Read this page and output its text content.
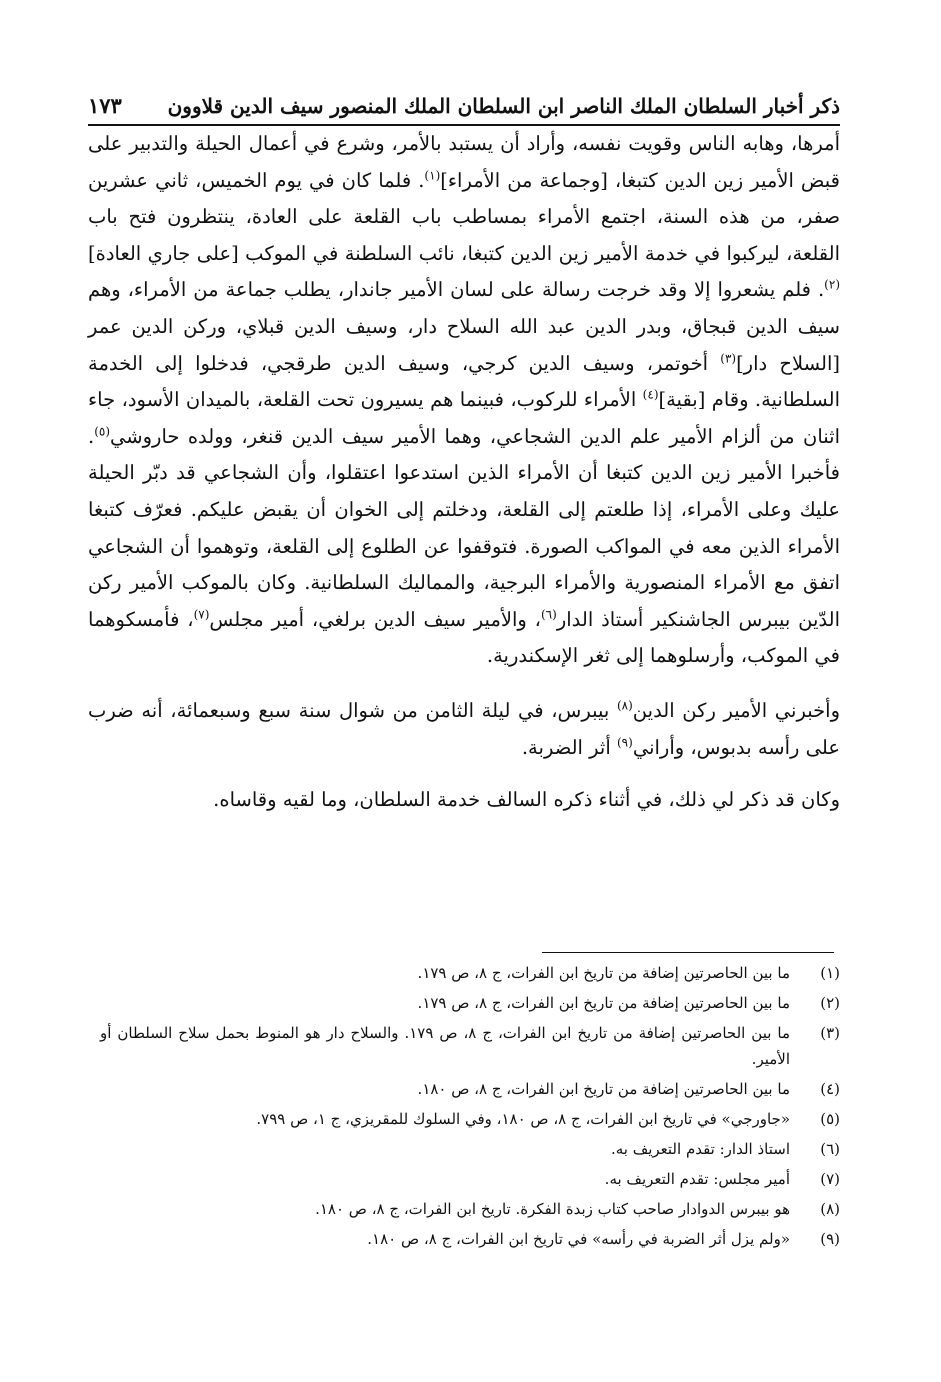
ذكر أخبار السلطان الملك الناصر ابن السلطان الملك المنصور سيف الدين قلاوون
١٧٣

أمرها، وهابه الناس وقويت نفسه، وأراد أن يستبد بالأمر، وشرع في أعمال الحيلة والتدبير على قبض الأمير زين الدين كتبغا، [وجماعة من الأمراء]$^{(١)}$. فلما كان في يوم الخميس، ثاني عشرين صفر، من هذه السنة، اجتمع الأمراء بمساطب باب القلعة على العادة، ينتظرون فتح باب القلعة، ليركبوا في خدمة الأمير زين الدين كتبغا، نائب السلطنة في الموكب [على جاري العادة]$^{(٢)}$. فلم يشعروا إلا وقد خرجت رسالة على لسان الأمير جاندار، يطلب جماعة من الأمراء، وهم سيف الدين قبجاق، وبدر الدين عبد الله السلاح دار، وسيف الدين قبلاي، وركن الدين عمر [السلاح دار]$^{(٣)}$ أخوتمر، وسيف الدين كرجي، وسيف الدين طرقجي، فدخلوا إلى الخدمة السلطانية. وقام [بقية]$^{(٤)}$ الأمراء للركوب، فبينما هم يسيرون تحت القلعة، بالميدان الأسود، جاء اثنان من ألزام الأمير علم الدين الشجاعي، وهما الأمير سيف الدين قنغر، وولده حاروشي$^{(٥)}$. فأخبرا الأمير زين الدين كتبغا أن الأمراء الذين استدعوا اعتقلوا، وأن الشجاعي قد دبّر الحيلة عليك وعلى الأمراء، إذا طلعتم إلى القلعة، ودخلتم إلى الخوان أن يقبض عليكم. فعرّف كتبغا الأمراء الذين معه في المواكب الصورة. فتوقفوا عن الطلوع إلى القلعة، وتوهموا أن الشجاعي اتفق مع الأمراء المنصورية والأمراء البرجية، والمماليك السلطانية. وكان بالموكب الأمير ركن الدّين بيبرس الجاشنكير أستاذ الدار$^{(٦)}$، والأمير سيف الدين برلغي، أمير مجلس$^{(٧)}$، فأمسكوهما في الموكب، وأرسلوهما إلى ثغر الإسكندرية.

وأخبرني الأمير ركن الدين$^{(٨)}$ بيبرس، في ليلة الثامن من شوال سنة سبع وسبعمائة، أنه ضرب على رأسه بدبوس، وأراني$^{(٩)}$ أثر الضربة.

وكان قد ذكر لي ذلك، في أثناء ذكره السالف خدمة السلطان، وما لقيه وقاساه.

(١)
ما بين الحاصرتين إضافة من تاريخ ابن الفرات، ج ٨، ص ١٧٩.
(٢)
ما بين الحاصرتين إضافة من تاريخ ابن الفرات، ج ٨، ص ١٧٩.
(٣)
ما بين الحاصرتين إضافة من تاريخ ابن الفرات، ج ٨، ص ١٧٩. والسلاح دار هو المنوط بحمل سلاح السلطان أو الأمير.
(٤)
ما بين الحاصرتين إضافة من تاريخ ابن الفرات، ج ٨، ص ١٨٠.
(٥)
«جاورجي» في تاريخ ابن الفرات، ج ٨، ص ١٨٠، وفي السلوك للمقريزي، ج ١، ص ٧٩٩.
(٦)
استاذ الدار: تقدم التعريف به.
(٧)
أمير مجلس: تقدم التعريف به.
(٨)
هو بيبرس الدوادار صاحب كتاب زبدة الفكرة. تاريخ ابن الفرات، ج ٨، ص ١٨٠.
(٩)
«ولم يزل أثر الضربة في رأسه» في تاريخ ابن الفرات، ج ٨، ص ١٨٠.
